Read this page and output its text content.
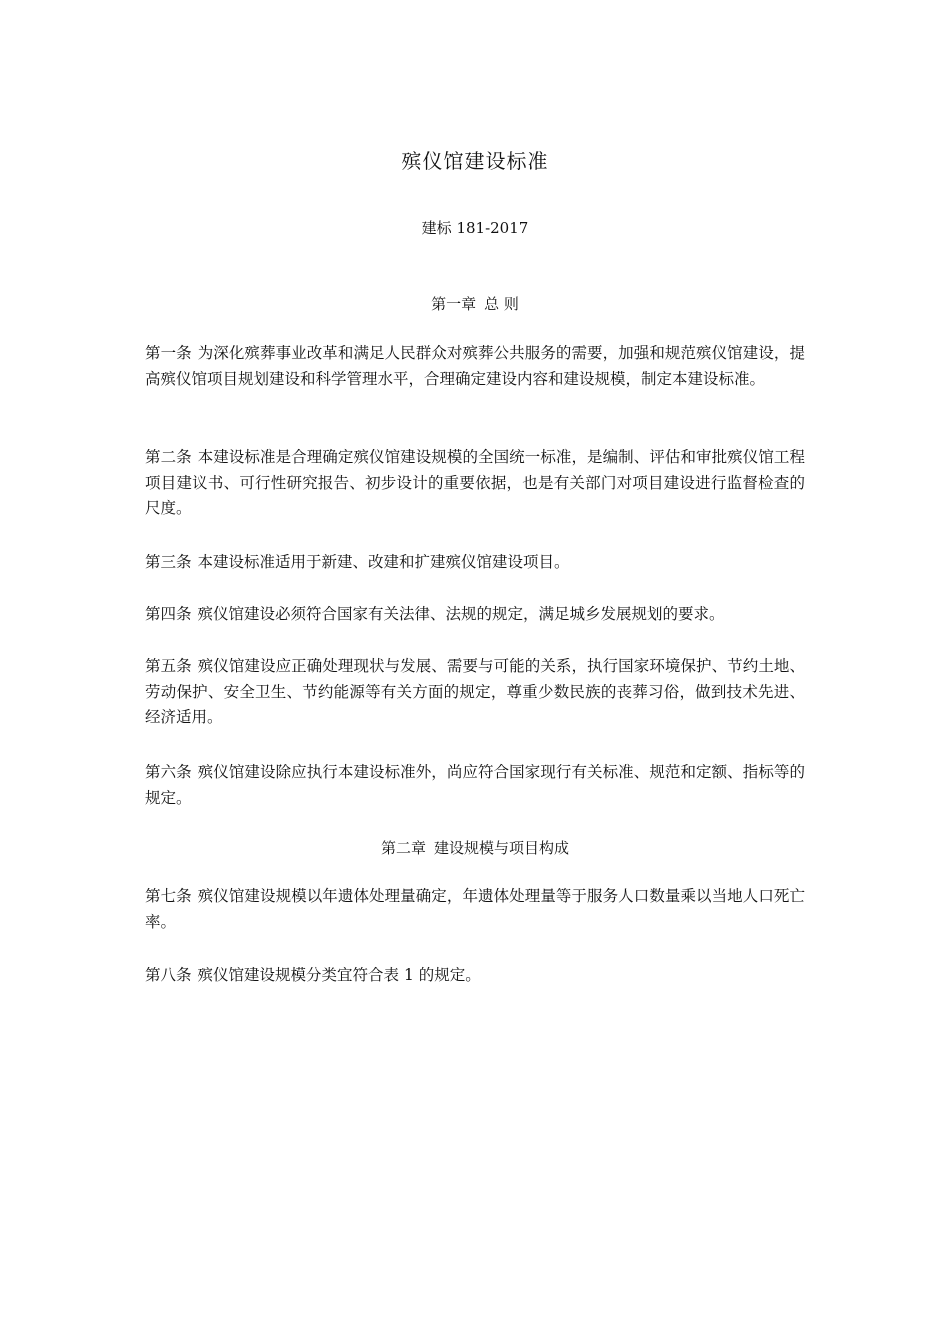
殡仪馆建设标准
建标 181-2017
第一章 总 则

第一条 为深化殡葬事业改革和满足人民群众对殡葬公共服务的需要，加强和规范殡仪馆建设，提高殡仪馆项目规划建设和科学管理水平，合理确定建设内容和建设规模，制定本建设标准。

第二条 本建设标准是合理确定殡仪馆建设规模的全国统一标准，是编制、评估和审批殡仪馆工程项目建议书、可行性研究报告、初步设计的重要依据，也是有关部门对项目建设进行监督检查的尺度。

第三条 本建设标准适用于新建、改建和扩建殡仪馆建设项目。

第四条 殡仪馆建设必须符合国家有关法律、法规的规定，满足城乡发展规划的要求。

第五条 殡仪馆建设应正确处理现状与发展、需要与可能的关系，执行国家环境保护、节约土地、劳动保护、安全卫生、节约能源等有关方面的规定，尊重少数民族的丧葬习俗，做到技术先进、经济适用。

第六条 殡仪馆建设除应执行本建设标准外，尚应符合国家现行有关标准、规范和定额、指标等的规定。

第二章 建设规模与项目构成

第七条 殡仪馆建设规模以年遗体处理量确定，年遗体处理量等于服务人口数量乘以当地人口死亡率。

第八条 殡仪馆建设规模分类宜符合表 1 的规定。
